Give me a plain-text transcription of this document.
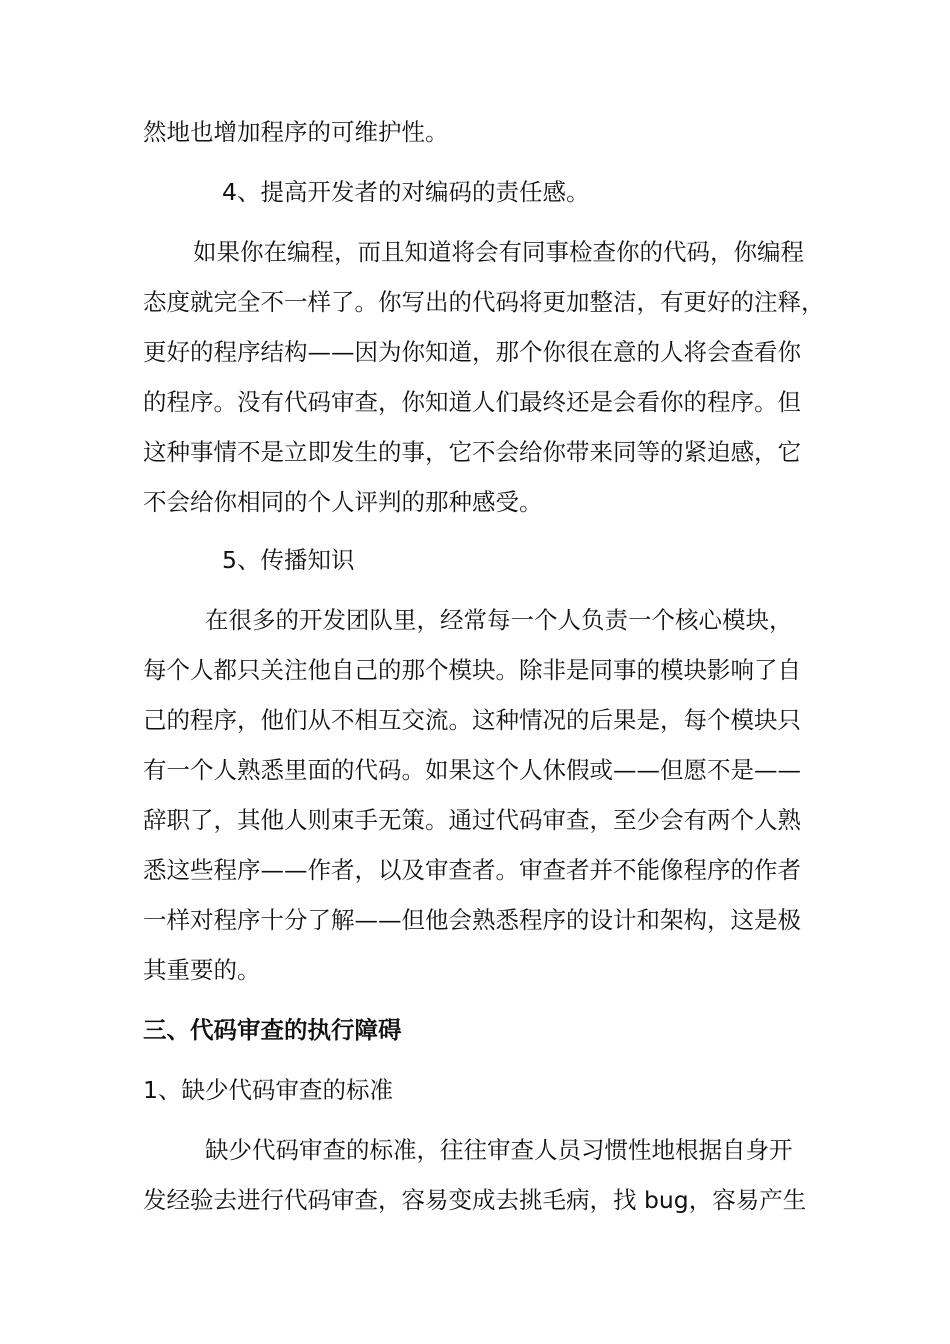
然地也增加程序的可维护性。
4、提高开发者的对编码的责任感。
如果你在编程，而且知道将会有同事检查你的代码，你编程
态度就完全不一样了。你写出的代码将更加整洁，有更好的注释，
更好的程序结构——因为你知道，那个你很在意的人将会查看你
的程序。没有代码审查，你知道人们最终还是会看你的程序。但
这种事情不是立即发生的事，它不会给你带来同等的紧迫感，它
不会给你相同的个人评判的那种感受。
5、传播知识
在很多的开发团队里，经常每一个人负责一个核心模块，
每个人都只关注他自己的那个模块。除非是同事的模块影响了自
己的程序，他们从不相互交流。这种情况的后果是，每个模块只
有一个人熟悉里面的代码。如果这个人休假或——但愿不是——
辞职了，其他人则束手无策。通过代码审查，至少会有两个人熟
悉这些程序——作者，以及审查者。审查者并不能像程序的作者
一样对程序十分了解——但他会熟悉程序的设计和架构，这是极
其重要的。
三、代码审查的执行障碍
1、缺少代码审查的标准
缺少代码审查的标准，往往审查人员习惯性地根据自身开
发经验去进行代码审查，容易变成去挑毛病，找 bug，容易产生
